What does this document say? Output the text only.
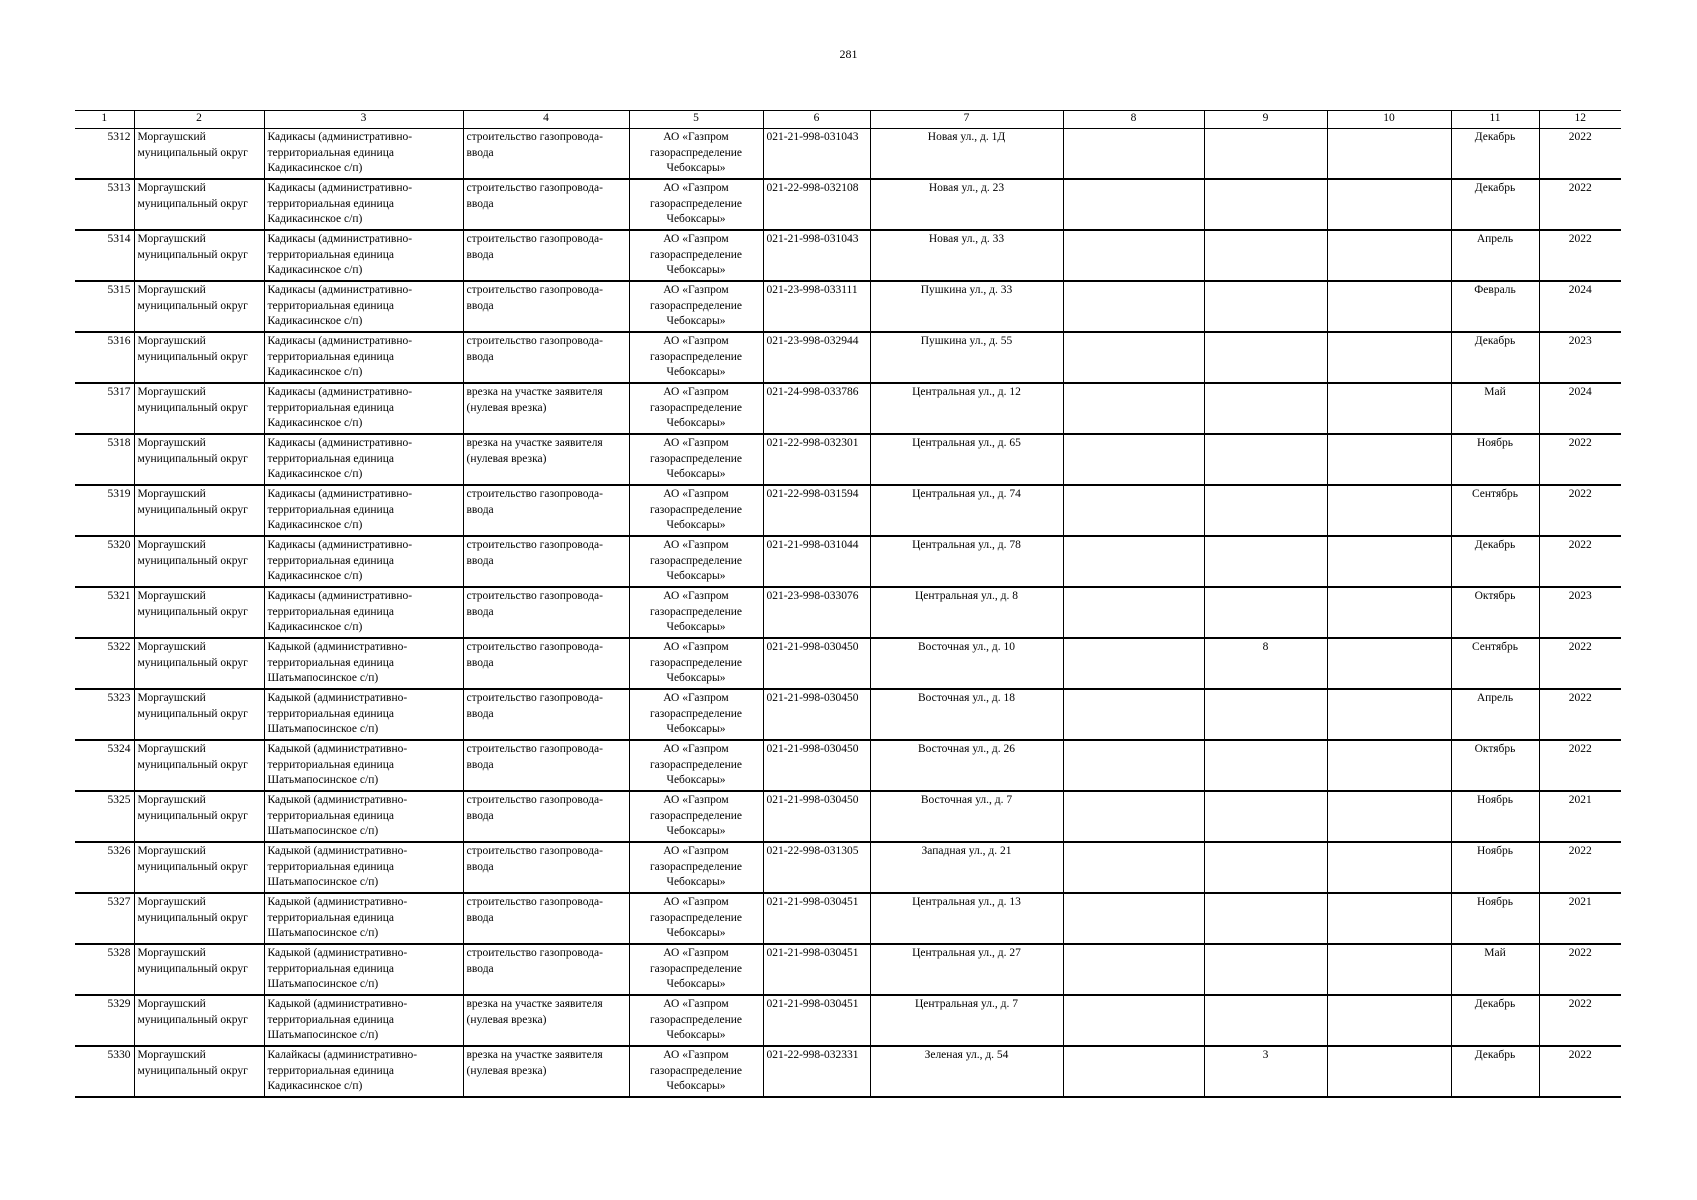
281
1	2	3	4	5	6	7	8	9	10	11	12
5312	Моргаушский муниципальный округ	Кадикасы (административно-территориальная единица Кадикасинское с/п)	строительство газопровода-ввода	АО «Газпром газораспределение Чебоксары»	021-21-998-031043	Новая ул., д. 1Д				Декабрь	2022
5313	Моргаушский муниципальный округ	Кадикасы (административно-территориальная единица Кадикасинское с/п)	строительство газопровода-ввода	АО «Газпром газораспределение Чебоксары»	021-22-998-032108	Новая ул., д. 23				Декабрь	2022
5314	Моргаушский муниципальный округ	Кадикасы (административно-территориальная единица Кадикасинское с/п)	строительство газопровода-ввода	АО «Газпром газораспределение Чебоксары»	021-21-998-031043	Новая ул., д. 33				Апрель	2022
5315	Моргаушский муниципальный округ	Кадикасы (административно-территориальная единица Кадикасинское с/п)	строительство газопровода-ввода	АО «Газпром газораспределение Чебоксары»	021-23-998-033111	Пушкина ул., д. 33				Февраль	2024
5316	Моргаушский муниципальный округ	Кадикасы (административно-территориальная единица Кадикасинское с/п)	строительство газопровода-ввода	АО «Газпром газораспределение Чебоксары»	021-23-998-032944	Пушкина ул., д. 55				Декабрь	2023
5317	Моргаушский муниципальный округ	Кадикасы (административно-территориальная единица Кадикасинское с/п)	врезка на участке заявителя (нулевая врезка)	АО «Газпром газораспределение Чебоксары»	021-24-998-033786	Центральная ул., д. 12				Май	2024
5318	Моргаушский муниципальный округ	Кадикасы (административно-территориальная единица Кадикасинское с/п)	врезка на участке заявителя (нулевая врезка)	АО «Газпром газораспределение Чебоксары»	021-22-998-032301	Центральная ул., д. 65				Ноябрь	2022
5319	Моргаушский муниципальный округ	Кадикасы (административно-территориальная единица Кадикасинское с/п)	строительство газопровода-ввода	АО «Газпром газораспределение Чебоксары»	021-22-998-031594	Центральная ул., д. 74				Сентябрь	2022
5320	Моргаушский муниципальный округ	Кадикасы (административно-территориальная единица Кадикасинское с/п)	строительство газопровода-ввода	АО «Газпром газораспределение Чебоксары»	021-21-998-031044	Центральная ул., д. 78				Декабрь	2022
5321	Моргаушский муниципальный округ	Кадикасы (административно-территориальная единица Кадикасинское с/п)	строительство газопровода-ввода	АО «Газпром газораспределение Чебоксары»	021-23-998-033076	Центральная ул., д. 8				Октябрь	2023
5322	Моргаушский муниципальный округ	Кадыкой (административно-территориальная единица Шатьмапосинское с/п)	строительство газопровода-ввода	АО «Газпром газораспределение Чебоксары»	021-21-998-030450	Восточная ул., д. 10		8		Сентябрь	2022
5323	Моргаушский муниципальный округ	Кадыкой (административно-территориальная единица Шатьмапосинское с/п)	строительство газопровода-ввода	АО «Газпром газораспределение Чебоксары»	021-21-998-030450	Восточная ул., д. 18				Апрель	2022
5324	Моргаушский муниципальный округ	Кадыкой (административно-территориальная единица Шатьмапосинское с/п)	строительство газопровода-ввода	АО «Газпром газораспределение Чебоксары»	021-21-998-030450	Восточная ул., д. 26				Октябрь	2022
5325	Моргаушский муниципальный округ	Кадыкой (административно-территориальная единица Шатьмапосинское с/п)	строительство газопровода-ввода	АО «Газпром газораспределение Чебоксары»	021-21-998-030450	Восточная ул., д. 7				Ноябрь	2021
5326	Моргаушский муниципальный округ	Кадыкой (административно-территориальная единица Шатьмапосинское с/п)	строительство газопровода-ввода	АО «Газпром газораспределение Чебоксары»	021-22-998-031305	Западная ул., д. 21				Ноябрь	2022
5327	Моргаушский муниципальный округ	Кадыкой (административно-территориальная единица Шатьмапосинское с/п)	строительство газопровода-ввода	АО «Газпром газораспределение Чебоксары»	021-21-998-030451	Центральная ул., д. 13				Ноябрь	2021
5328	Моргаушский муниципальный округ	Кадыкой (административно-территориальная единица Шатьмапосинское с/п)	строительство газопровода-ввода	АО «Газпром газораспределение Чебоксары»	021-21-998-030451	Центральная ул., д. 27				Май	2022
5329	Моргаушский муниципальный округ	Кадыкой (административно-территориальная единица Шатьмапосинское с/п)	врезка на участке заявителя (нулевая врезка)	АО «Газпром газораспределение Чебоксары»	021-21-998-030451	Центральная ул., д. 7				Декабрь	2022
5330	Моргаушский муниципальный округ	Калайкасы (административно-территориальная единица Кадикасинское с/п)	врезка на участке заявителя (нулевая врезка)	АО «Газпром газораспределение Чебоксары»	021-22-998-032331	Зеленая ул., д. 54		3		Декабрь	2022
